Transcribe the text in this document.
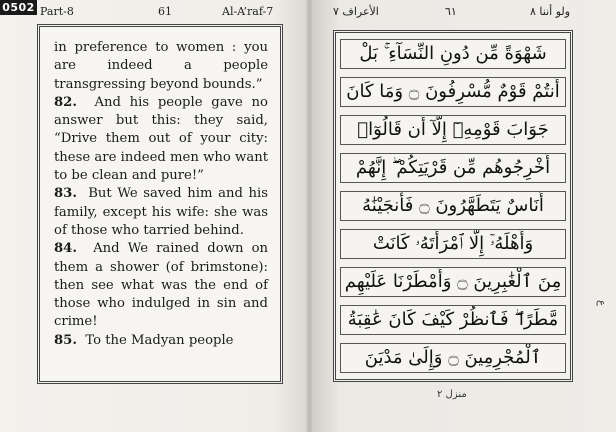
0502 Part-8	61	Al-A’raf-7

in preference to women : you are indeed a people transgressing beyond bounds.”

82. And his people gave no answer but this: they said, “Drive them out of your city: these are indeed men who want to be clean and pure!”

83. But We saved him and his family, except his wife: she was of those who tarried behind.

84. And We rained down on them a shower (of brimstone): then see what was the end of those who indulged in sin and crime!

85. To the Madyan people

الأعراف ٧	٦١	ولو أننا ٨
شَهْوَةً مِّن دُونِ النِّسَآءِ ۚ بَلْ
أَنتُمْ قَوْمٌ مُّسْرِفُونَ ۝ وَمَا كَانَ
جَوَابَ قَوْمِهِۦٓ إِلَّآ أَن قَالُوٓا۟
أَخْرِجُوهُم مِّن قَرْيَتِكُمْ ۖ إِنَّهُمْ
أُنَاسٌ يَتَطَهَّرُونَ ۝ فَأَنجَيْنَٰهُ
وَأَهْلَهُۥٓ إِلَّا ٱمْرَأَتَهُۥ كَانَتْ
مِنَ ٱلْغَٰبِرِينَ ۝ وَأَمْطَرْنَا عَلَيْهِم
مَّطَرًا ۖ فَٱنظُرْ كَيْفَ كَانَ عَٰقِبَةُ
ٱلْمُجْرِمِينَ ۝ وَإِلَىٰ مَدْيَنَ
ع
منزل ٢
